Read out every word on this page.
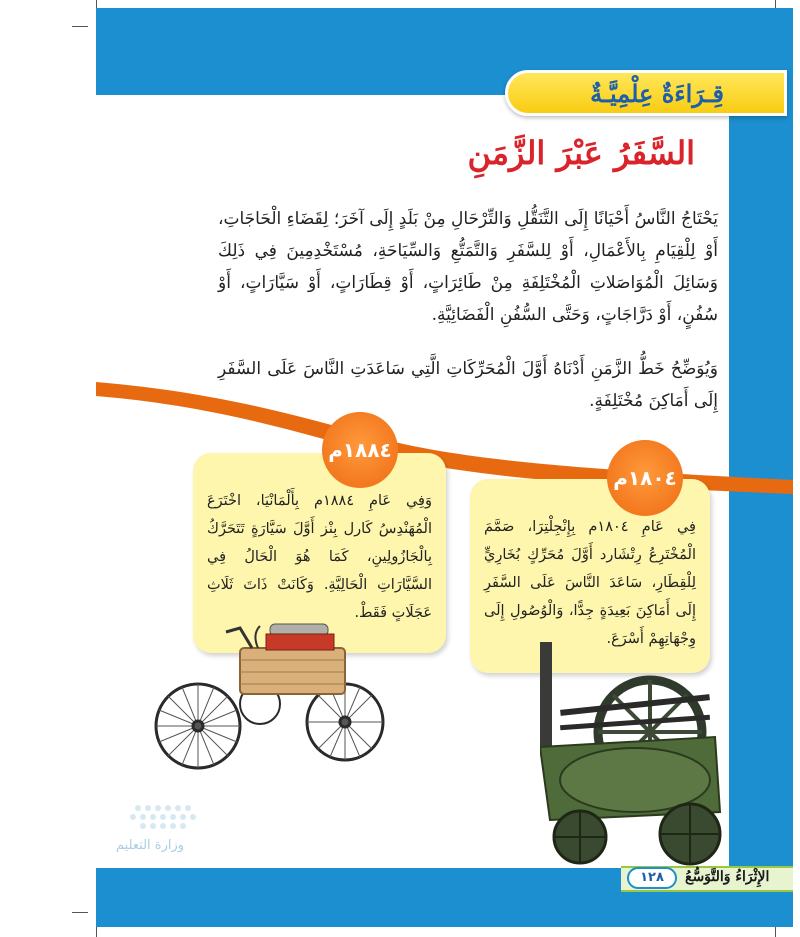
قِـرَاءَةٌ عِلْمِيَّـةٌ
السَّفَرُ عَبْرَ الزَّمَنِ

يَحْتَاجُ النَّاسُ أَحْيَانًا إِلَى التَّنَقُّلِ وَالتِّرْحَالِ مِنْ بَلَدٍ إِلَى آخَرَ؛ لِقَضَاءِ الْحَاجَاتِ، أَوْ لِلْقِيَامِ بِالأَعْمَالِ، أَوْ لِلسَّفَرِ وَالتَّمَتُّعِ وَالسِّيَاحَةِ، مُسْتَخْدِمِينَ فِي ذَلِكَ وَسَائِلَ الْمُوَاصَلاتِ الْمُخْتَلِفَةِ مِنْ طَائِرَاتٍ، أَوْ قِطَارَاتٍ، أَوْ سَيَّارَاتٍ، أَوْ سُفُنٍ، أَوْ دَرَّاجَاتٍ، وَحَتَّى السُّفُنِ الْفَضَائِيَّةِ.

وَيُوَضِّحُ خَطُّ الزَّمَنِ أَدْنَاهُ أَوَّلَ الْمُحَرِّكَاتِ الَّتِي سَاعَدَتِ النَّاسَ عَلَى السَّفَرِ إِلَى أَمَاكِنَ مُخْتَلِفَةٍ.

وَفِي عَامِ ١٨٨٤م بِأَلْمَانْيَا، اخْتَرَعَ الْمُهَنْدِسُ كَارل بِنْز أَوَّلَ سَيَّارَةٍ تَتَحَرَّكُ بِالْجَازُولِينِ، كَمَا هُوَ الْحَالُ فِي السَّيَّارَاتِ الْحَالِيَّةِ. وَكَانَتْ ذَاتَ ثَلَاثِ عَجَلَاتٍ فَقَطْ.

فِي عَامِ ١٨٠٤م بِإِنْجِلْتِرَا، صَمَّمَ الْمُخْتَرِعُ رِتْشَارد أَوَّلَ مُحَرِّكٍ بُخَارِيٍّ لِلْقِطَارِ، سَاعَدَ النَّاسَ عَلَى السَّفَرِ إِلَى أَمَاكِنَ بَعِيدَةٍ جِدًّا، وَالْوُصُولِ إِلَى وِجْهَاتِهِمْ أَسْرَعَ.

١٨٨٤م
١٨٠٤م
وزارة التعليم
الإِثْرَاءُ وَالتَّوَسُّعُ
١٢٨
